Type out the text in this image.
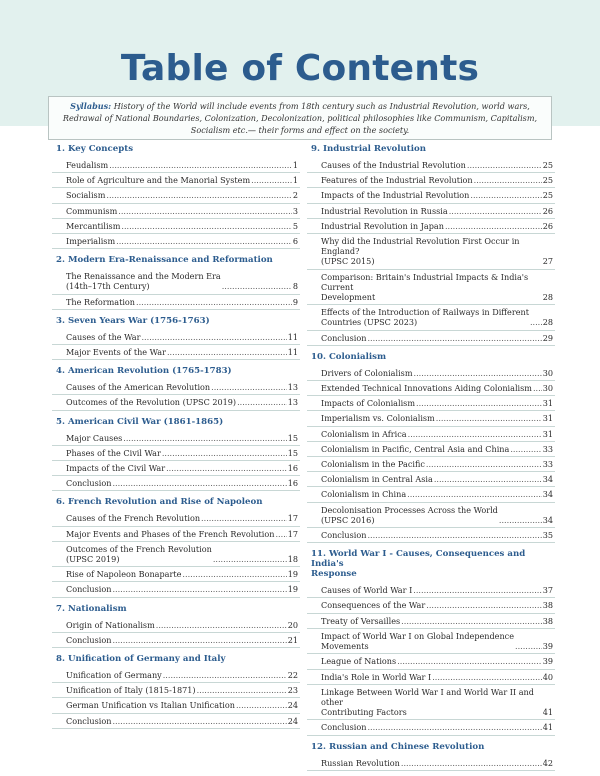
Table of Contents
Syllabus: History of the World will include events from 18th century such as Industrial Revolution, world wars, Redrawal of National Boundaries, Colonization, Decolonization, political philosophies like Communism, Capitalism, Socialism etc.— their forms and effect on the society.
1. Key Concepts
Feudalism .....	1
Role of Agriculture and the Manorial System .....	1
Socialism .....	2
Communism .....	3
Mercantilism .....	5
Imperialism .....	6
2. Modern Era-Renaissance and Reformation
The Renaissance and the Modern Era
(14th–17th Century) .....	8
The Reformation .....	9
3. Seven Years War (1756-1763)
Causes of the War .....	11
Major Events of the War .....	11
4. American Revolution (1765-1783)
Causes of the American Revolution .....	13
Outcomes of the Revolution (UPSC 2019) .....	13
5. American Civil War (1861-1865)
Major Causes .....	15
Phases of the Civil War .....	15
Impacts of the Civil War .....	16
Conclusion .....	16
6. French Revolution and Rise of Napoleon
Causes of the French Revolution .....	17
Major Events and Phases of the French Revolution ..... 17
Outcomes of the French Revolution
(UPSC 2019) .....	18
Rise of Napoleon Bonaparte .....	19
Conclusion .....	19
7. Nationalism
Origin of Nationalism .....	20
Conclusion .....	21
8. Unification of Germany and Italy
Unification of Germany .....	22
Unification of Italy (1815-1871) .....	23
German Unification vs Italian Unification .....	24
Conclusion .....	24
9. Industrial Revolution
Causes of the Industrial Revolution .....	25
Features of the Industrial Revolution .....	25
Impacts of the Industrial Revolution .....	25
Industrial Revolution in Russia .....	26
Industrial Revolution in Japan .....	26
Why did the Industrial Revolution First Occur in England?
(UPSC 2015)	27
Comparison: Britain's Industrial Impacts & India's Current
Development	28
Effects of the Introduction of Railways in Different
Countries (UPSC 2023) .....	28
Conclusion .....	29
10. Colonialism
Drivers of Colonialism .....	30
Extended Technical Innovations Aiding Colonialism ..... 30
Impacts of Colonialism .....	31
Imperialism vs. Colonialism .....	31
Colonialism in Africa .....	31
Colonialism in Pacific, Central Asia and China .....	33
Colonialism in the Pacific .....	33
Colonialism in Central Asia .....	34
Colonialism in China .....	34
Decolonisation Processes Across the World
(UPSC 2016) .....	34
Conclusion .....	35
11. World War I - Causes, Consequences and India's
Response
Causes of World War I .....	37
Consequences of the War .....	38
Treaty of Versailles .....	38
Impact of World War I on Global Independence
Movements .....	39
League of Nations .....	39
India's Role in World War I .....	40
Linkage Between World War I and World War II and other
Contributing Factors	41
Conclusion .....	41
12. Russian and Chinese Revolution
Russian Revolution .....	42
